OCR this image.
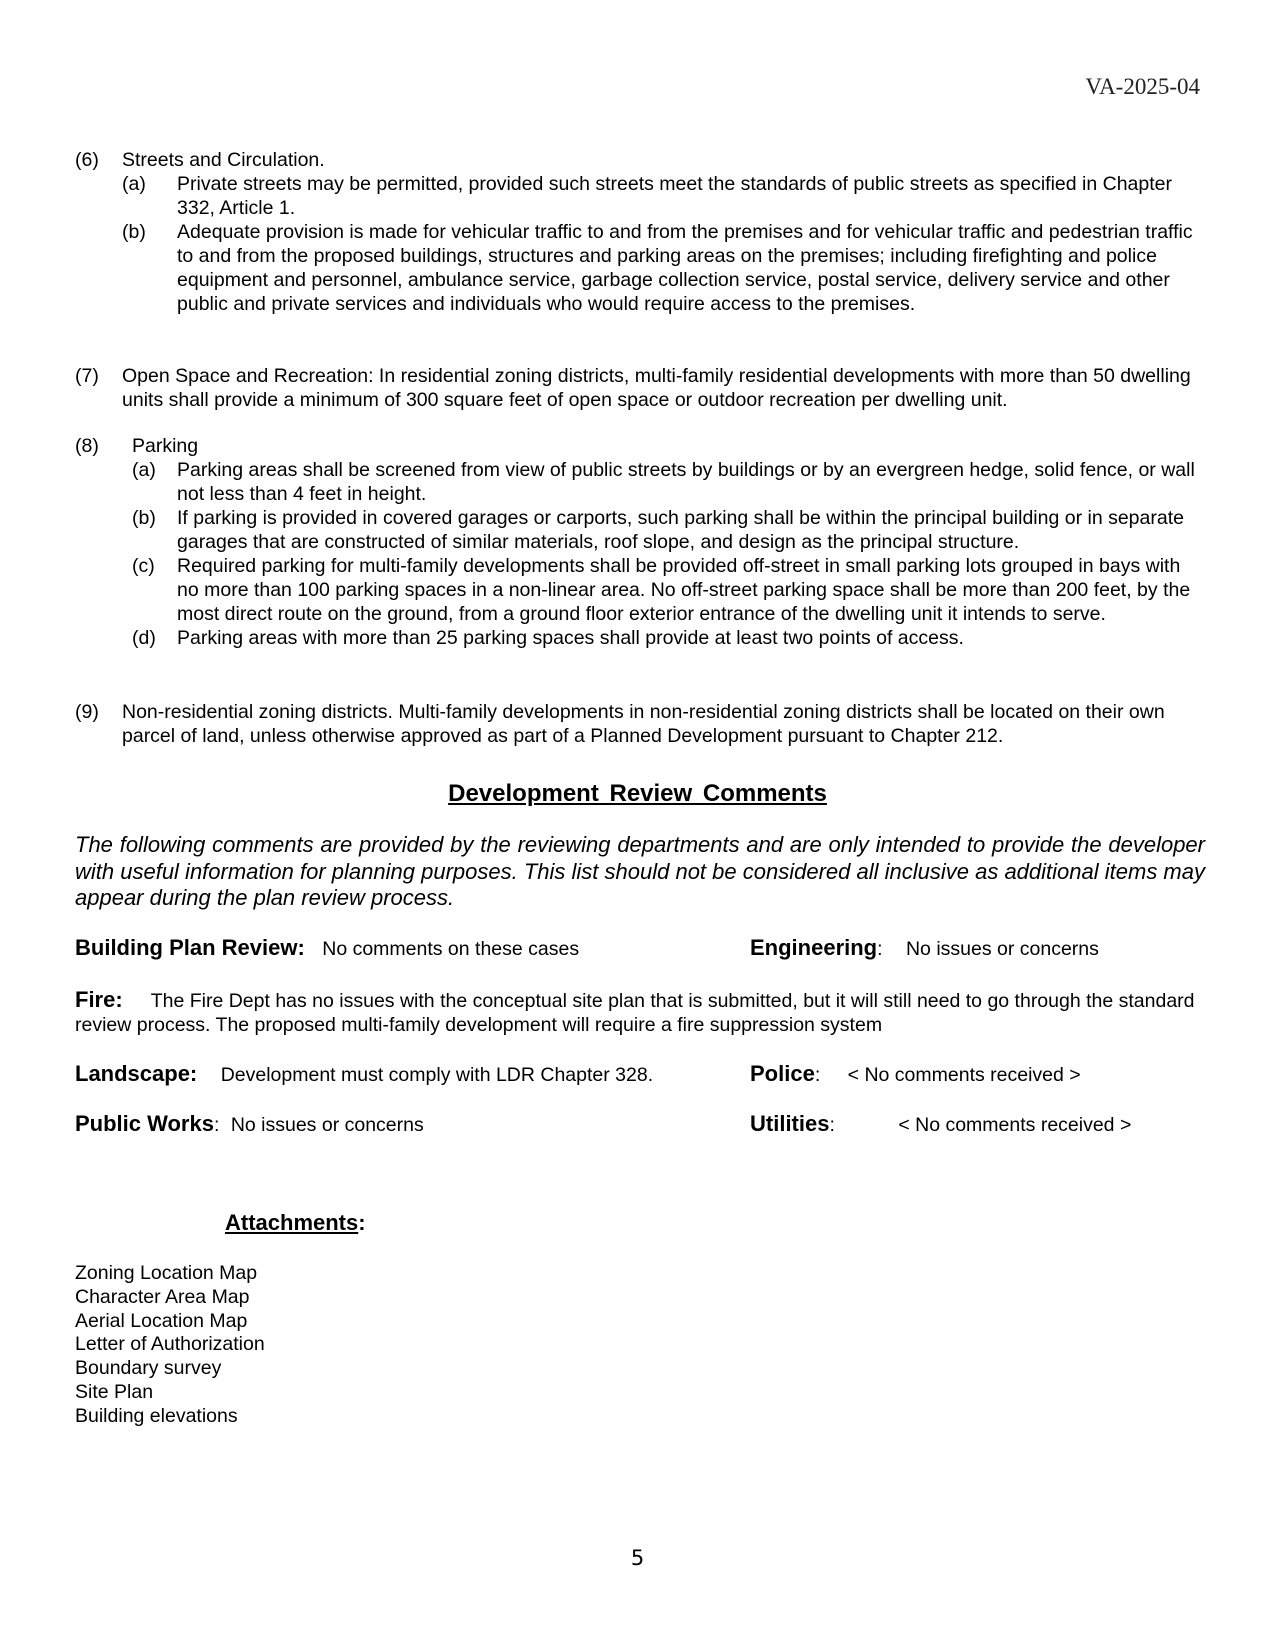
VA-2025-04
(6) Streets and Circulation.
(a) Private streets may be permitted, provided such streets meet the standards of public streets as specified in Chapter 332, Article 1.
(b) Adequate provision is made for vehicular traffic to and from the premises and for vehicular traffic and pedestrian traffic to and from the proposed buildings, structures and parking areas on the premises; including firefighting and police equipment and personnel, ambulance service, garbage collection service, postal service, delivery service and other public and private services and individuals who would require access to the premises.
(7) Open Space and Recreation: In residential zoning districts, multi-family residential developments with more than 50 dwelling units shall provide a minimum of 300 square feet of open space or outdoor recreation per dwelling unit.
(8) Parking
(a) Parking areas shall be screened from view of public streets by buildings or by an evergreen hedge, solid fence, or wall not less than 4 feet in height.
(b) If parking is provided in covered garages or carports, such parking shall be within the principal building or in separate garages that are constructed of similar materials, roof slope, and design as the principal structure.
(c) Required parking for multi-family developments shall be provided off-street in small parking lots grouped in bays with no more than 100 parking spaces in a non-linear area. No off-street parking space shall be more than 200 feet, by the most direct route on the ground, from a ground floor exterior entrance of the dwelling unit it intends to serve.
(d) Parking areas with more than 25 parking spaces shall provide at least two points of access.
(9) Non-residential zoning districts. Multi-family developments in non-residential zoning districts shall be located on their own parcel of land, unless otherwise approved as part of a Planned Development pursuant to Chapter 212.
Development Review Comments
The following comments are provided by the reviewing departments and are only intended to provide the developer with useful information for planning purposes. This list should not be considered all inclusive as additional items may appear during the plan review process.
Building Plan Review: No comments on these cases	Engineering: No issues or concerns
Fire: The Fire Dept has no issues with the conceptual site plan that is submitted, but it will still need to go through the standard review process. The proposed multi-family development will require a fire suppression system
Landscape: Development must comply with LDR Chapter 328.	Police: < No comments received >
Public Works: No issues or concerns	Utilities:	< No comments received >
Attachments:
Zoning Location Map
Character Area Map
Aerial Location Map
Letter of Authorization
Boundary survey
Site Plan
Building elevations
5
